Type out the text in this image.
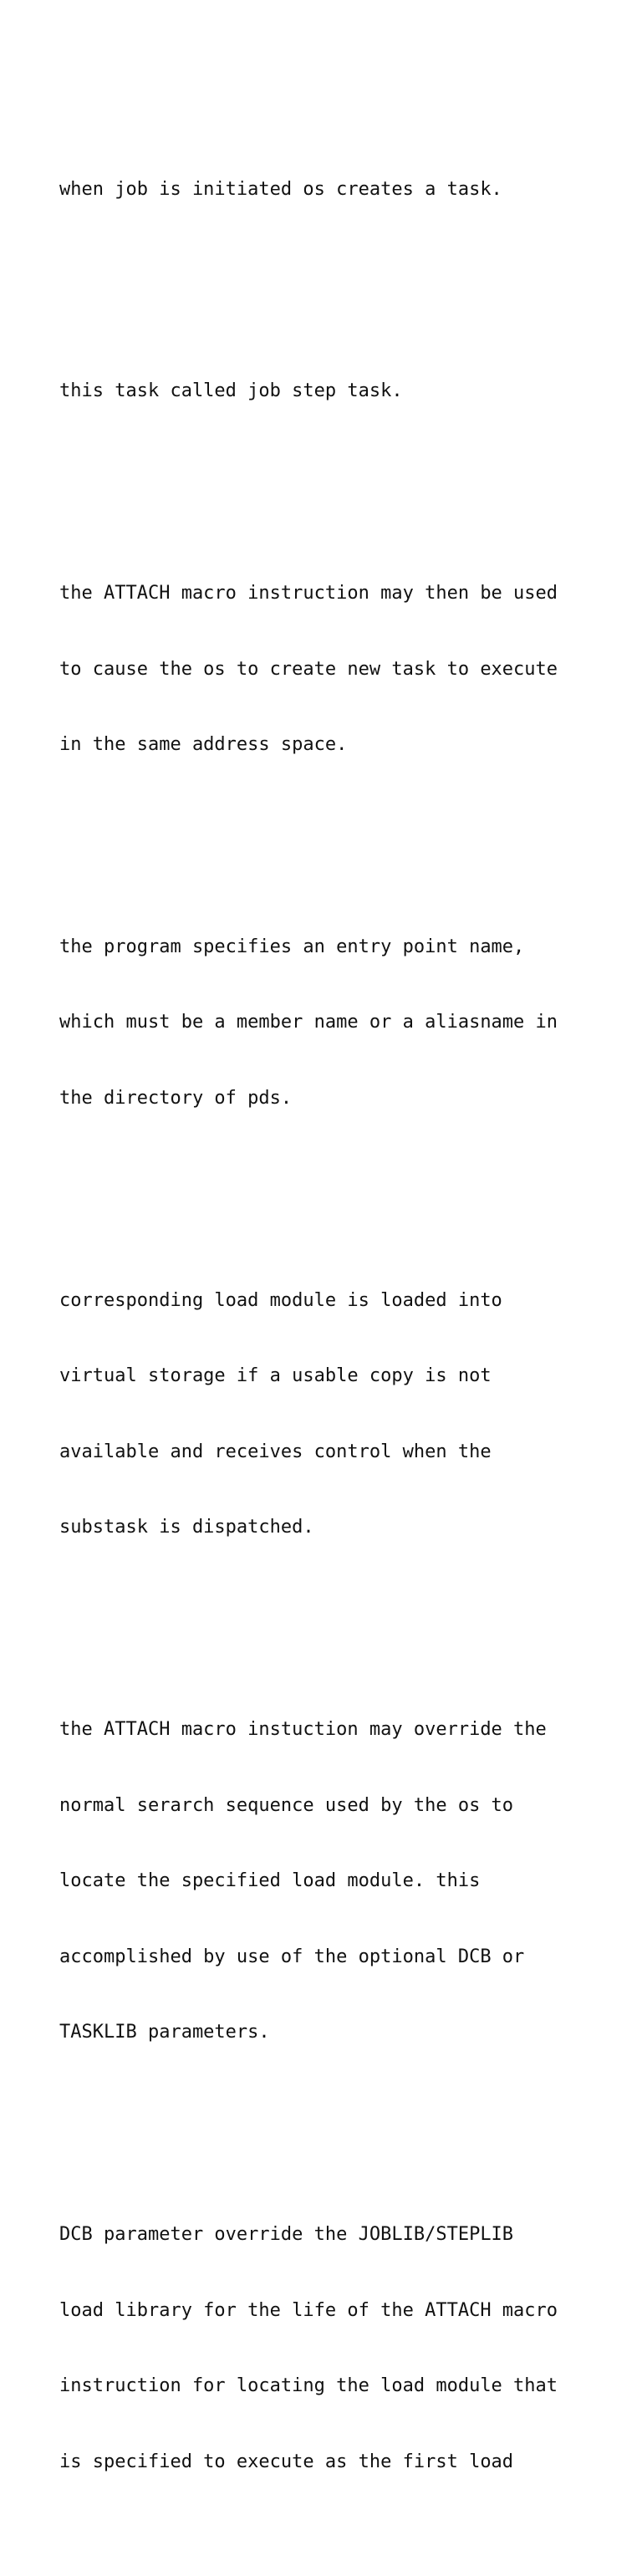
when job is initiated os creates a task.

this task called job step task.

the ATTACH macro instruction may then be used

to cause the os to create new task to execute

in the same address space.

the program specifies an entry point name,

which must be a member name or a aliasname in

the directory of pds.

corresponding load module is loaded into

virtual storage if a usable copy is not

available and receives control when the

substask is dispatched.

the ATTACH macro instuction may override the

normal serarch sequence used by the os to

locate the specified load module. this

accomplished by use of the optional DCB or

TASKLIB parameters.

DCB parameter override the JOBLIB/STEPLIB

load library for the life of the ATTACH macro

instruction for locating the load module that

is specified to execute as the first load
